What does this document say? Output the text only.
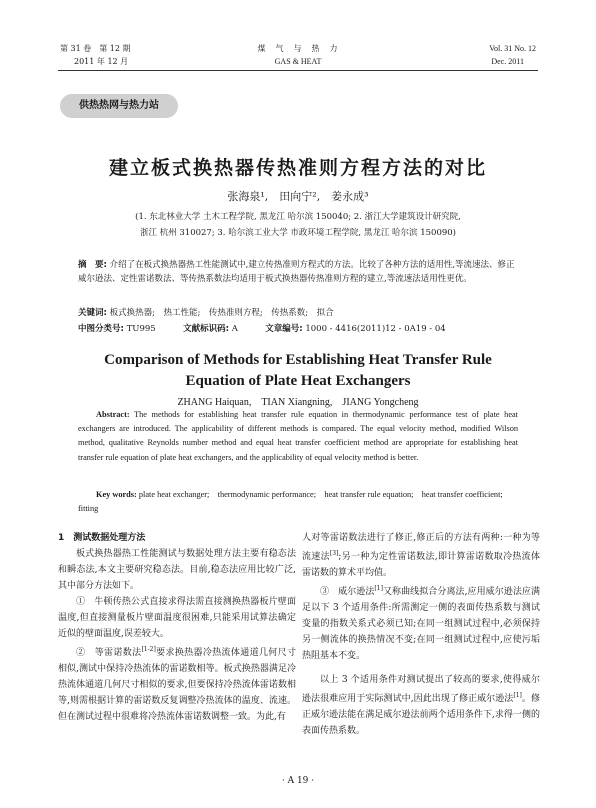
第 31 卷　第 12 期
2011 年 12 月
煤　气　与　热　力
GAS & HEAT
Vol. 31 No. 12
Dec. 2011
供热热网与热力站
建立板式换热器传热准则方程方法的对比
张海泉¹,　田向宁²,　姜永成³
(1. 东北林业大学 土木工程学院, 黑龙江 哈尔滨 150040; 2. 浙江大学建筑设计研究院,
浙江 杭州 310027; 3. 哈尔滨工业大学 市政环境工程学院, 黑龙江 哈尔滨 150090)
摘　要: 介绍了在板式换热器热工性能测试中,建立传热准则方程式的方法。比较了各种方法的适用性,等流速法、修正威尔逊法、定性雷诺数法、等传热系数法均适用于板式换热器传热准则方程的建立,等流速法适用性更优。
关键词: 板式换热器;　热工性能;　传热准则方程;　传热系数;　拟合
中图分类号: TU995	文献标识码: A	文章编号: 1000 - 4416(2011)12 - 0A19 - 04
Comparison of Methods for Establishing Heat Transfer Rule
Equation of Plate Heat Exchangers
ZHANG Haiquan,　TIAN Xiangning,　JIANG Yongcheng
Abstract: The methods for establishing heat transfer rule equation in thermodynamic performance test of plate heat exchangers are introduced. The applicability of different methods is compared. The equal velocity method, modified Wilson method, qualitative Reynolds number method and equal heat transfer coefficient method are appropriate for establishing heat transfer rule equation of plate heat exchangers, and the applicability of equal velocity method is better.
Key words: plate heat exchanger;　thermodynamic performance;　heat transfer rule equation;　heat transfer coefficient;　fitting

1　测试数据处理方法

板式换热器热工性能测试与数据处理方法主要有稳态法和瞬态法,本文主要研究稳态法。目前,稳态法应用比较广泛,其中部分方法如下。

①　牛顿传热公式直接求得法需直接测换热器板片壁面温度,但直接测量板片壁面温度很困难,只能采用试算法确定近似的壁面温度,误差较大。

②　等雷诺数法[1-2]要求换热器冷热流体通道几何尺寸相似,测试中保持冷热流体的雷诺数相等。板式换热器满足冷热流体通道几何尺寸相似的要求,但要保持冷热流体雷诺数相等,则需根据计算的雷诺数反复调整冷热流体的温度、流速。但在测试过程中很难将冷热流体雷诺数调整一致。为此,有

人对等雷诺数法进行了修正,修正后的方法有两种:一种为等流速法[3];另一种为定性雷诺数法,即计算雷诺数取冷热流体雷诺数的算术平均值。

③　威尔逊法[1]又称曲线拟合分离法,应用威尔逊法应满足以下 3 个适用条件:所需测定一侧的表面传热系数与测试变量的指数关系式必须已知;在同一组测试过程中,必须保持另一侧流体的换热情况不变;在同一组测试过程中,应使污垢热阻基本不变。

以上 3 个适用条件对测试提出了较高的要求,使得威尔逊法很难应用于实际测试中,因此出现了修正威尔逊法[1]。修正威尔逊法能在满足威尔逊法前两个适用条件下,求得一侧的表面传热系数。

· A 19 ·
